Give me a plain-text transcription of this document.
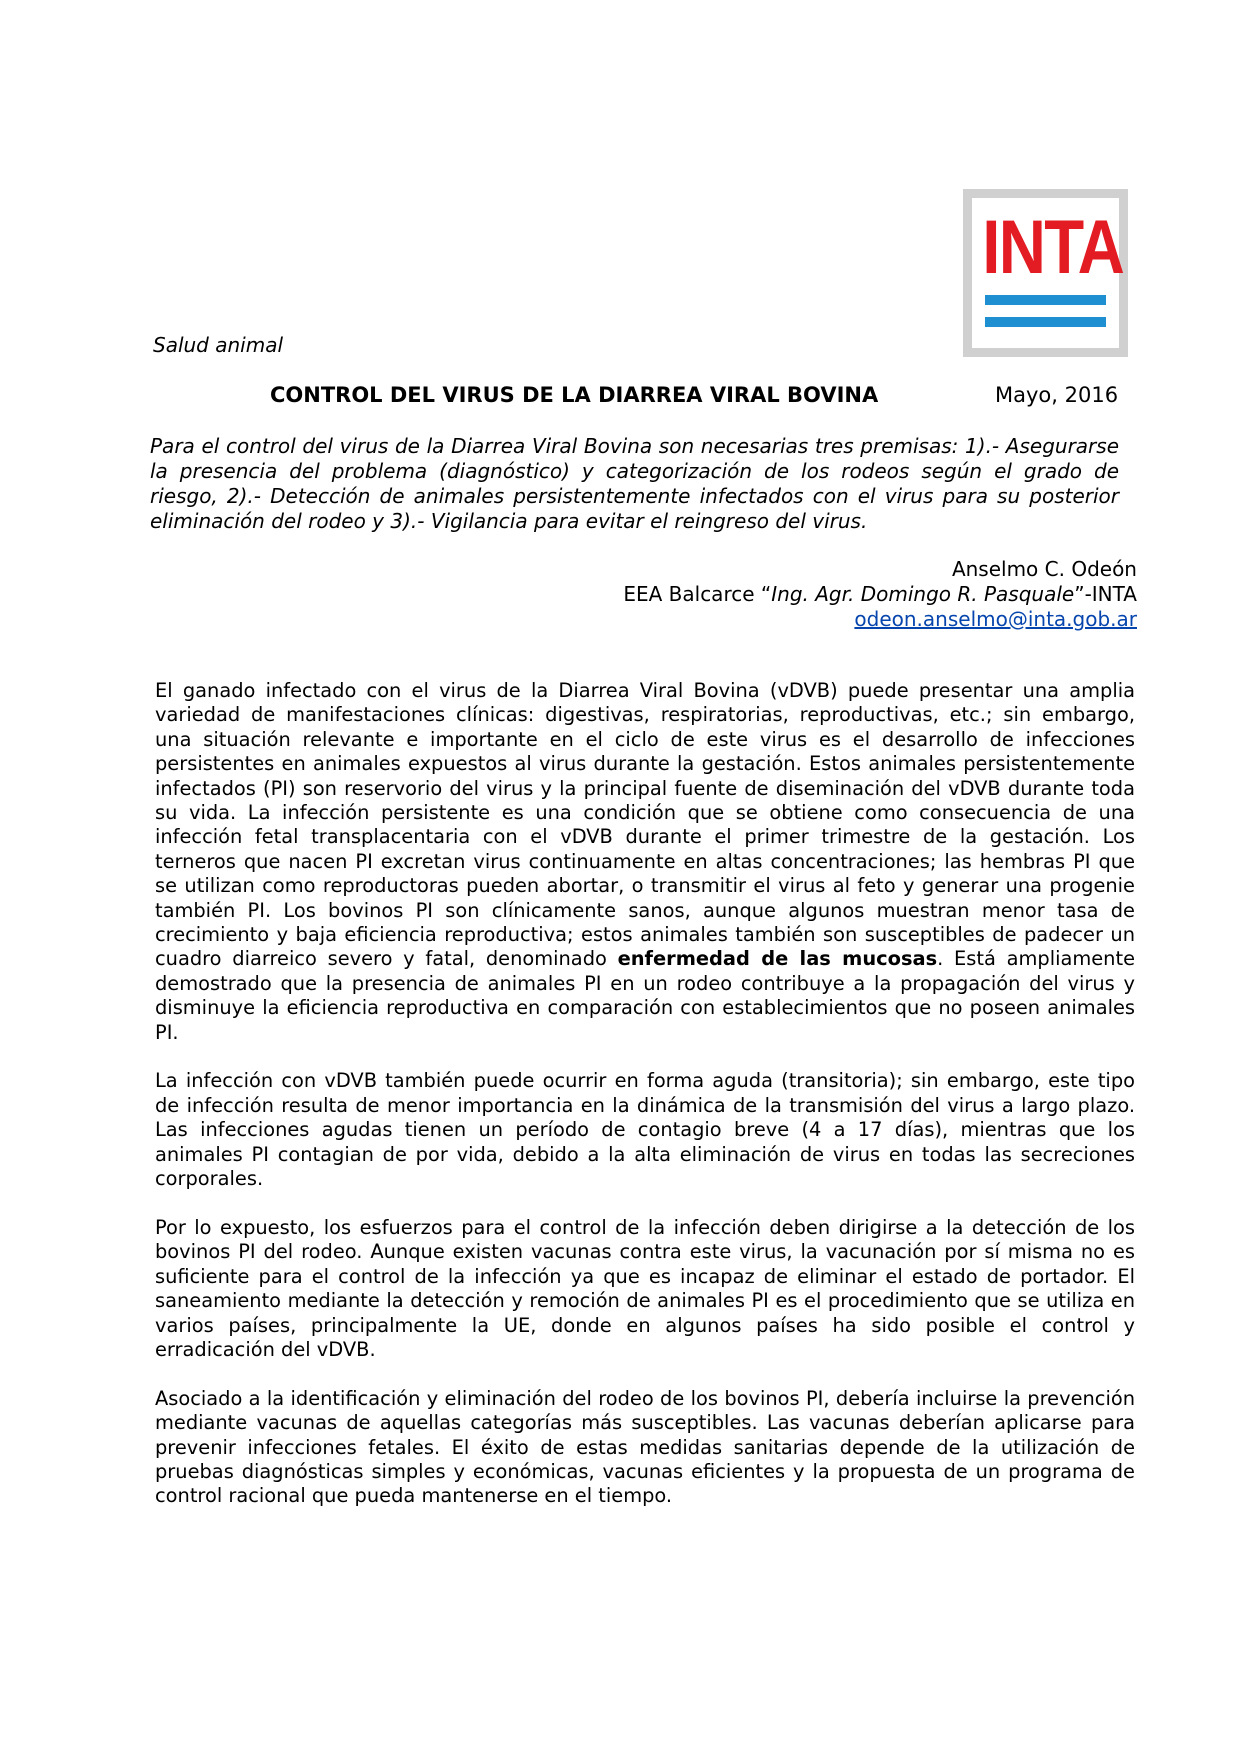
INTA
Salud animal
CONTROL DEL VIRUS DE LA DIARREA VIRAL BOVINA	Mayo, 2016

Para el control del virus de la Diarrea Viral Bovina son necesarias tres premisas: 1).- Asegurarse la presencia del problema (diagnóstico) y categorización de los rodeos según el grado de riesgo, 2).- Detección de animales persistentemente infectados con el virus para su posterior eliminación del rodeo y 3).- Vigilancia para evitar el reingreso del virus.

Anselmo C. Odeón
EEA Balcarce “Ing. Agr. Domingo R. Pasquale”-INTA
odeon.anselmo@inta.gob.ar

El ganado infectado con el virus de la Diarrea Viral Bovina (vDVB) puede presentar una amplia variedad de manifestaciones clínicas: digestivas, respiratorias, reproductivas, etc.; sin embargo, una situación relevante e importante en el ciclo de este virus es el desarrollo de infecciones persistentes en animales expuestos al virus durante la gestación. Estos animales persistentemente infectados (PI) son reservorio del virus y la principal fuente de diseminación del vDVB durante toda su vida. La infección persistente es una condición que se obtiene como consecuencia de una infección fetal transplacentaria con el vDVB durante el primer trimestre de la gestación. Los terneros que nacen PI excretan virus continuamente en altas concentraciones; las hembras PI que se utilizan como reproductoras pueden abortar, o transmitir el virus al feto y generar una progenie también PI. Los bovinos PI son clínicamente sanos, aunque algunos muestran menor tasa de crecimiento y baja eficiencia reproductiva; estos animales también son susceptibles de padecer un cuadro diarreico severo y fatal, denominado enfermedad de las mucosas. Está ampliamente demostrado que la presencia de animales PI en un rodeo contribuye a la propagación del virus y disminuye la eficiencia reproductiva en comparación con establecimientos que no poseen animales PI.

La infección con vDVB también puede ocurrir en forma aguda (transitoria); sin embargo, este tipo de infección resulta de menor importancia en la dinámica de la transmisión del virus a largo plazo. Las infecciones agudas tienen un período de contagio breve (4 a 17 días), mientras que los animales PI contagian de por vida, debido a la alta eliminación de virus en todas las secreciones corporales.

Por lo expuesto, los esfuerzos para el control de la infección deben dirigirse a la detección de los bovinos PI del rodeo. Aunque existen vacunas contra este virus, la vacunación por sí misma no es suficiente para el control de la infección ya que es incapaz de eliminar el estado de portador. El saneamiento mediante la detección y remoción de animales PI es el procedimiento que se utiliza en varios países, principalmente la UE, donde en algunos países ha sido posible el control y erradicación del vDVB.

Asociado a la identificación y eliminación del rodeo de los bovinos PI, debería incluirse la prevención mediante vacunas de aquellas categorías más susceptibles. Las vacunas deberían aplicarse para prevenir infecciones fetales. El éxito de estas medidas sanitarias depende de la utilización de pruebas diagnósticas simples y económicas, vacunas eficientes y la propuesta de un programa de control racional que pueda mantenerse en el tiempo.
